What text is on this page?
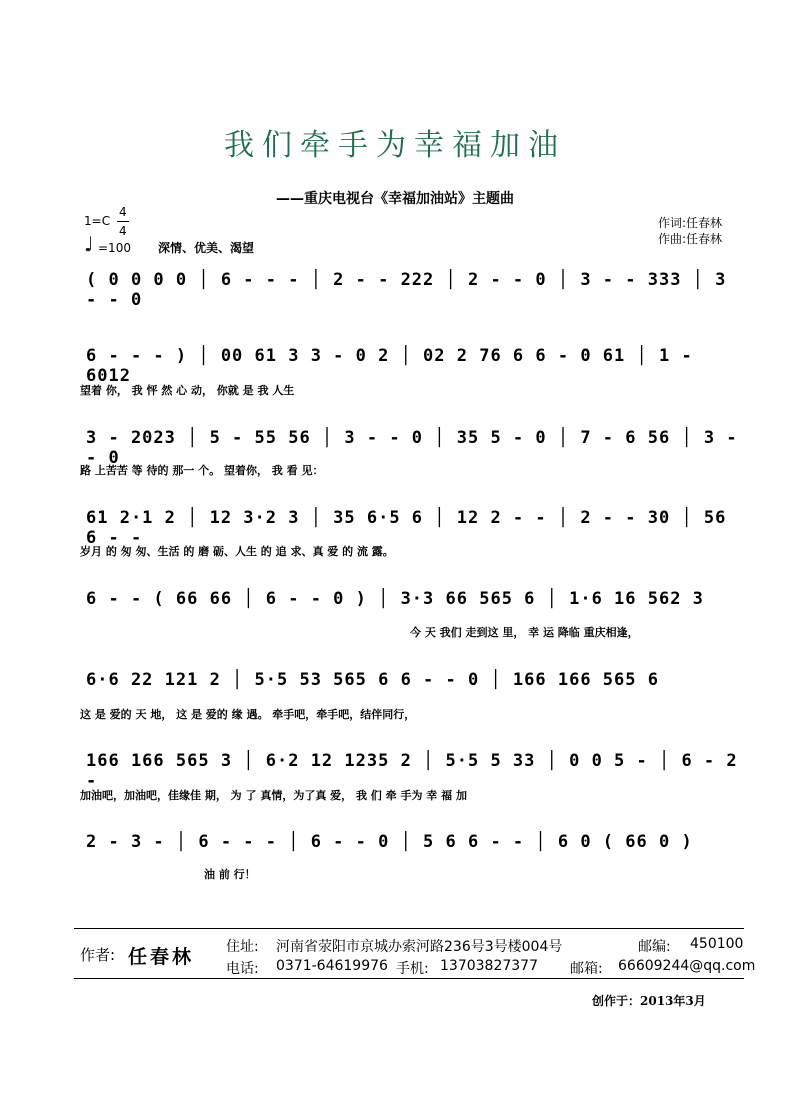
我们牵手为幸福加油
——重庆电视台《幸福加油站》主题曲
1=C
4
4
♩ =100 深情、优美、渴望
作词:任春林
作曲:任春林
( 0 0 0 0 │ 6 - - - │ 2 - - 222 │ 2 - - 0 │ 3 - - 333 │ 3 - - 0
6 - - - ) │ 00 61 3 3 - 0 2 │ 02 2 76 6 6 - 0 61 │ 1 - 6012
望着 你， 我 怦 然 心 动， 你就 是 我 人生
3 - 2023 │ 5 - 55 56 │ 3 - - 0 │ 35 5 - 0 │ 7 - 6 56 │ 3 - - 0
路 上苦苦 等 待的 那一 个。 望着你， 我 看 见：
61 2·1 2 │ 12 3·2 3 │ 35 6·5 6 │ 12 2 - - │ 2 - - 30 │ 56 6 - -
岁月 的 匆 匆、生活 的 磨 砺、人生 的 追 求、真 爱 的 流 露。
6 - - ( 66 66 │ 6 - - 0 ) │ 3·3 66 565 6 │ 1·6 16 562 3
今 天 我们 走到这 里， 幸 运 降临 重庆相逢，
6·6 22 121 2 │ 5·5 53 565 6 6 - - 0 │ 166 166 565 6
这 是 爱的 天 地， 这 是 爱的 缘 遇。 牵手吧，牵手吧，结伴同行，
166 166 565 3 │ 6·2 12 1235 2 │ 5·5 5 33 │ 0 0 5 - │ 6 - 2 -
加油吧，加油吧，佳缘佳 期， 为 了 真情，为了真 爱， 我 们 牵 手为 幸 福 加
2 - 3 - │ 6 - - - │ 6 - - 0 │ 5 6 6 - - │ 6 0 ( 66 0 )
油 前 行！
作者: 任春林 住址: 河南省荥阳市京城办索河路236号3号楼004号	邮编: 450100
电话: 0371-64619976 手机: 13703827377 邮箱: 66609244@qq.com
创作于：2013年3月
